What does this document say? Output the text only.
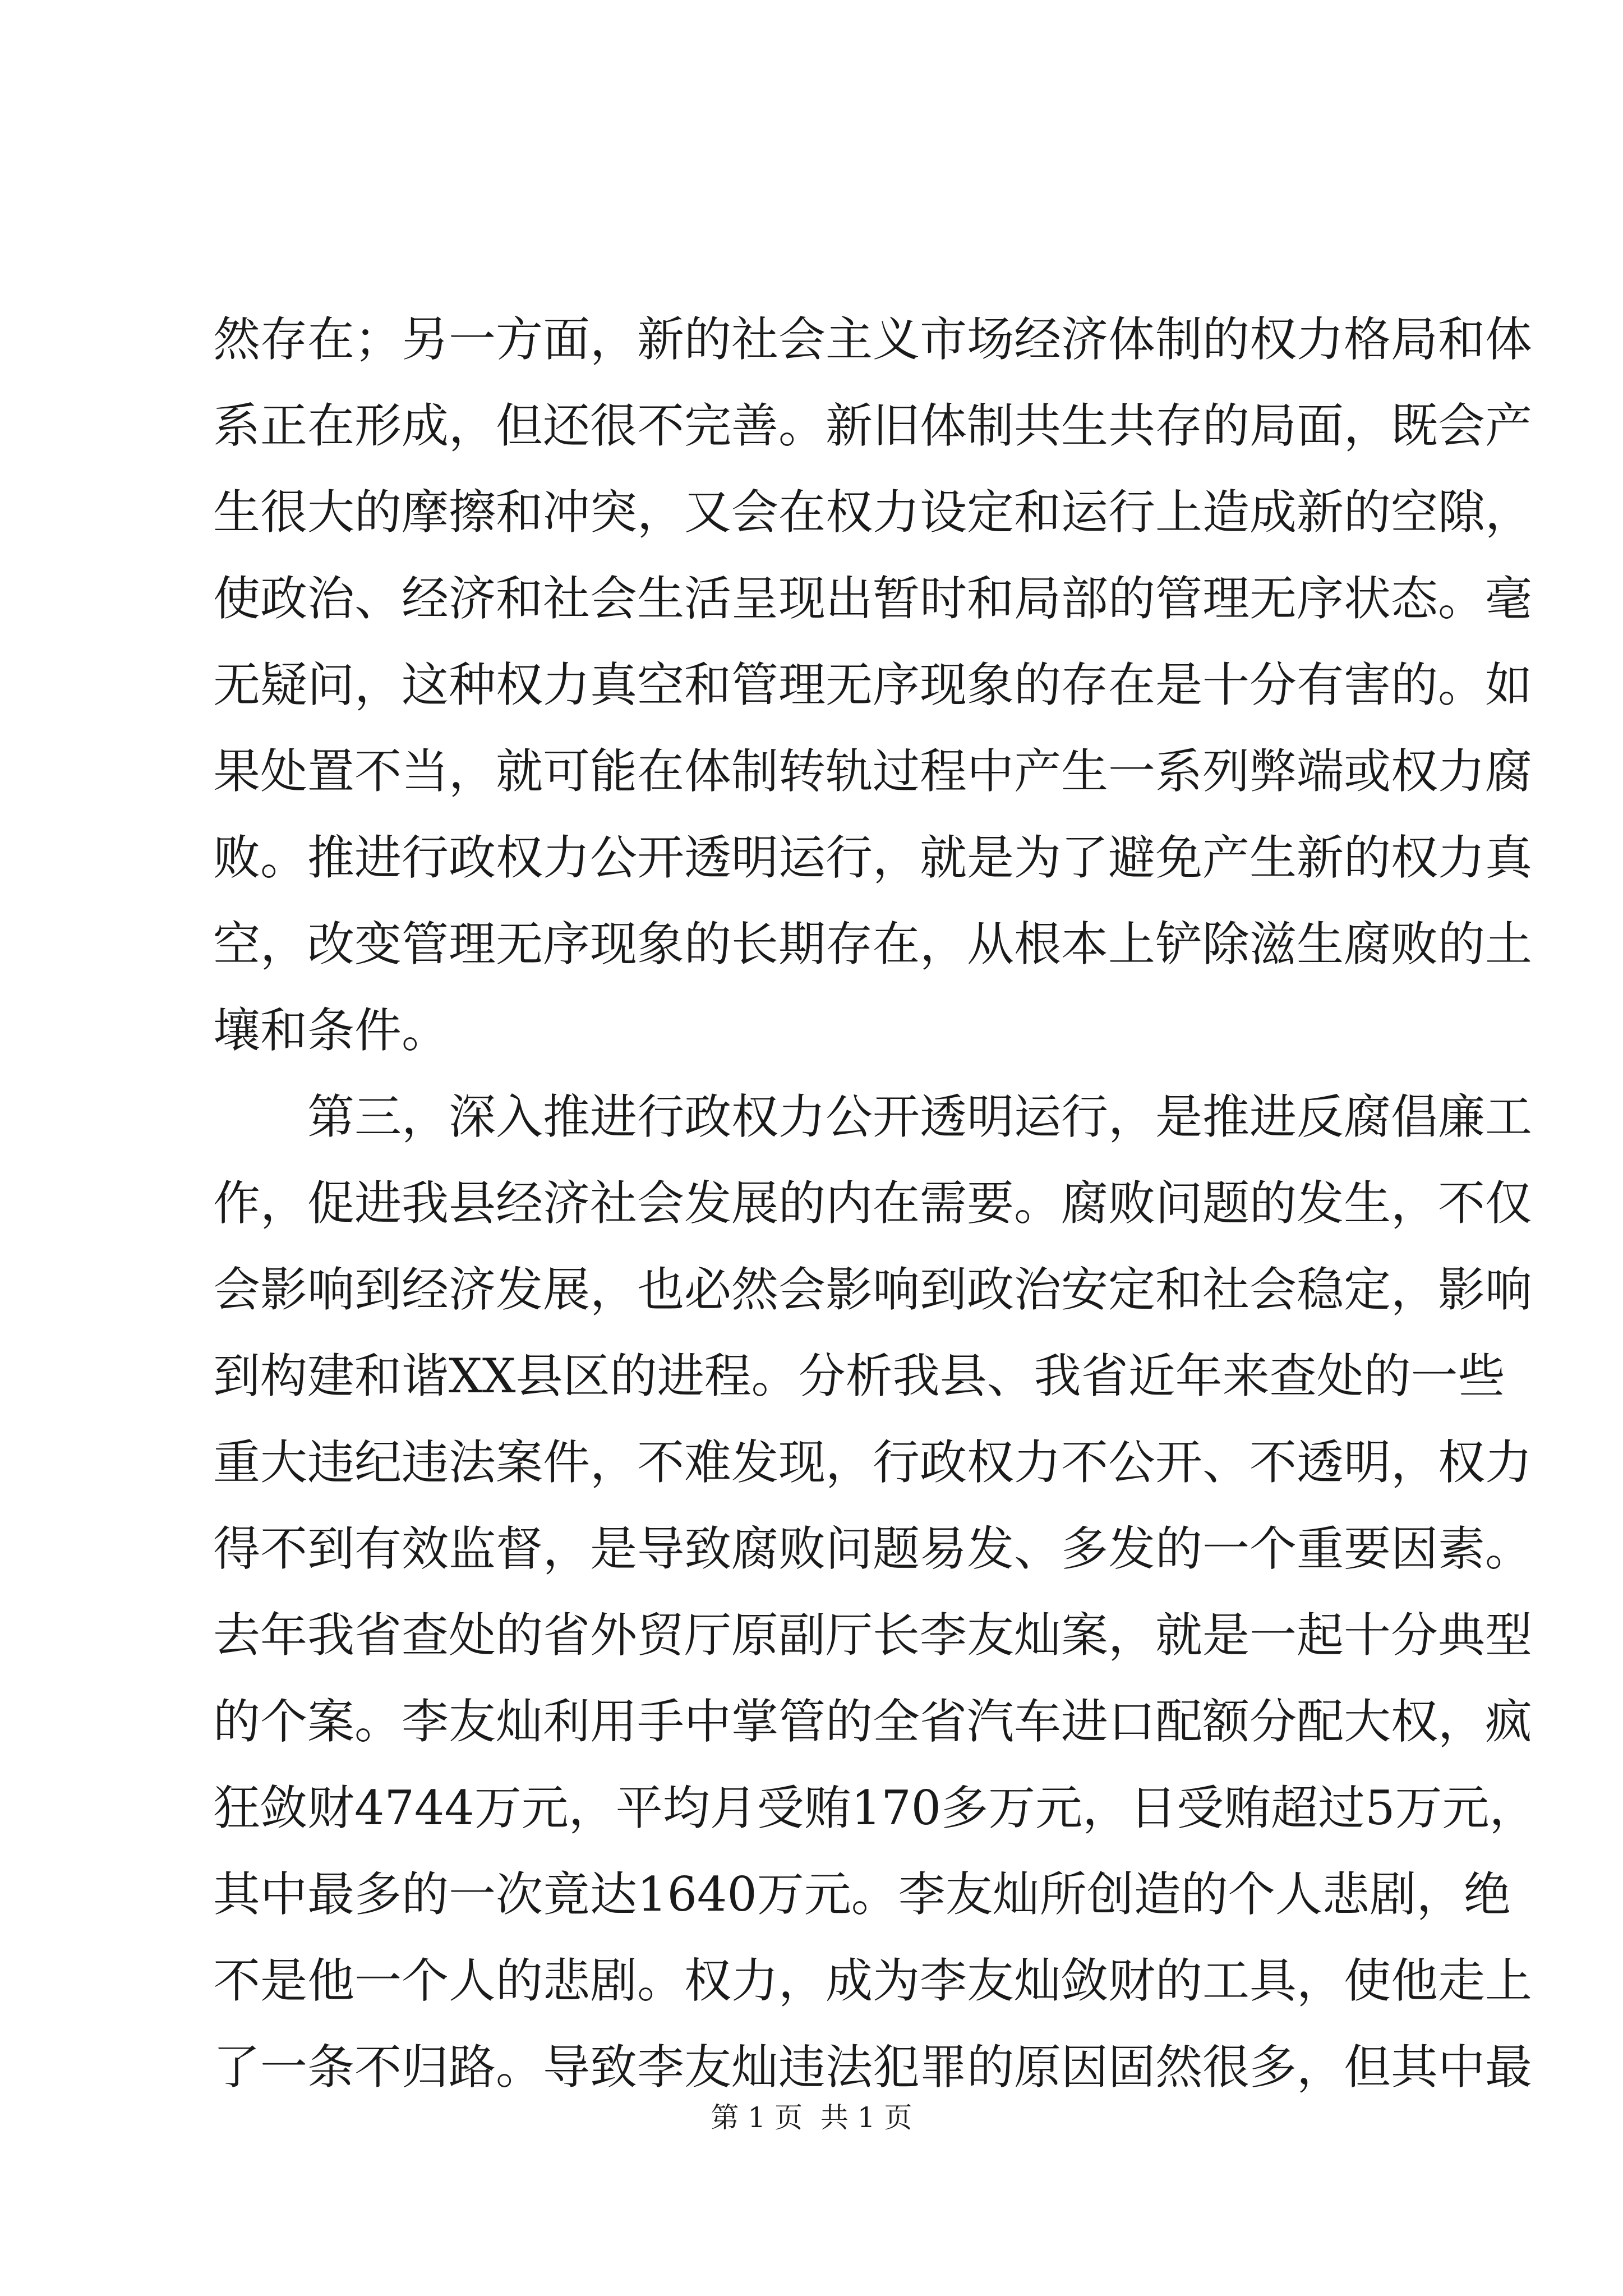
然存在；另一方面，新的社会主义市场经济体制的权力格局和体
系正在形成，但还很不完善。新旧体制共生共存的局面，既会产
生很大的摩擦和冲突，又会在权力设定和运行上造成新的空隙，
使政治、经济和社会生活呈现出暂时和局部的管理无序状态。毫
无疑问，这种权力真空和管理无序现象的存在是十分有害的。如
果处置不当，就可能在体制转轨过程中产生一系列弊端或权力腐
败。推进行政权力公开透明运行，就是为了避免产生新的权力真
空，改变管理无序现象的长期存在，从根本上铲除滋生腐败的土
壤和条件。
第三，深入推进行政权力公开透明运行，是推进反腐倡廉工
作，促进我县经济社会发展的内在需要。腐败问题的发生，不仅
会影响到经济发展，也必然会影响到政治安定和社会稳定，影响
到构建和谐XX县区的进程。分析我县、我省近年来查处的一些
重大违纪违法案件，不难发现，行政权力不公开、不透明，权力
得不到有效监督，是导致腐败问题易发、多发的一个重要因素。
去年我省查处的省外贸厅原副厅长李友灿案，就是一起十分典型
的个案。李友灿利用手中掌管的全省汽车进口配额分配大权，疯
狂敛财4744万元，平均月受贿170多万元，日受贿超过5万元，
其中最多的一次竟达1640万元。李友灿所创造的个人悲剧，绝
不是他一个人的悲剧。权力，成为李友灿敛财的工具，使他走上
了一条不归路。导致李友灿违法犯罪的原因固然很多，但其中最
第 1 页  共 1 页
